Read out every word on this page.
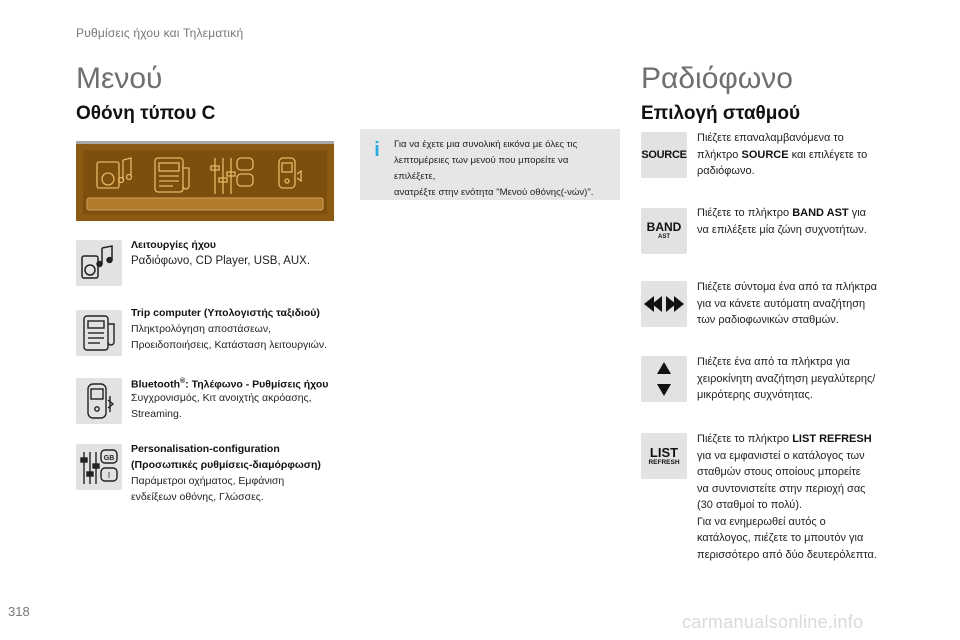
Ρυθμίσεις ήχου και Τηλεματική
Μενού
Οθόνη τύπου C
Λειτουργίες ήχου
Ραδιόφωνο, CD Player, USB, AUX.
Trip computer (Υπολογιστής ταξιδιού)
Πληκτρολόγηση αποστάσεων,
Προειδοποιήσεις, Κατάσταση λειτουργιών.
Bluetooth®: Τηλέφωνο - Ρυθμίσεις ήχου
Συγχρονισμός, Κιτ ανοιχτής ακρόασης,
Streaming.
GB
I
Personalisation-configuration
(Προσωπικές ρυθμίσεις-διαμόρφωση)
Παράμετροι οχήματος, Εμφάνιση
ενδείξεων οθόνης, Γλώσσες.
i	Για να έχετε μια συνολική εικόνα με όλες τις
λεπτομέρειες των μενού που μπορείτε να επιλέξετε,
ανατρέξτε στην ενότητα "Μενού οθόνης(-νών)".
Ραδιόφωνο
Επιλογή σταθμού
SOURCE
Πιέζετε επαναλαμβανόμενα το
πλήκτρο SOURCE και επιλέγετε το
ραδιόφωνο.
BAND
AST
Πιέζετε το πλήκτρο BAND AST για
να επιλέξετε μία ζώνη συχνοτήτων.
Πιέζετε σύντομα ένα από τα πλήκτρα
για να κάνετε αυτόματη αναζήτηση
των ραδιοφωνικών σταθμών.
Πιέζετε ένα από τα πλήκτρα για
χειροκίνητη αναζήτηση μεγαλύτερης/
μικρότερης συχνότητας.
LIST
REFRESH
Πιέζετε το πλήκτρο LIST REFRESH
για να εμφανιστεί ο κατάλογος των
σταθμών στους οποίους μπορείτε
να συντονιστείτε στην περιοχή σας
(30 σταθμοί το πολύ).
Για να ενημερωθεί αυτός ο
κατάλογος, πιέζετε το μπουτόν για
περισσότερο από δύο δευτερόλεπτα.
318
carmanualsonline.info
